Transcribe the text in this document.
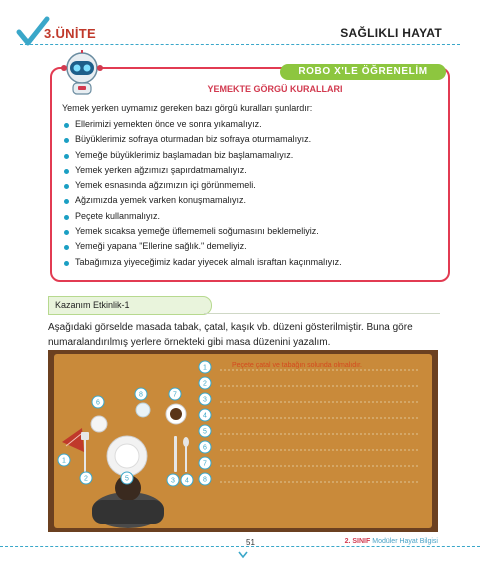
3.ÜNİTE	SAĞLIKLI HAYAT
ROBO X'LE ÖĞRENELİM
YEMEKTE GÖRGÜ KURALLARI
Yemek yerken uymamız gereken bazı görgü kuralları şunlardır:
Ellerimizi yemekten önce ve sonra yıkamalıyız.
Büyüklerimiz sofraya oturmadan biz sofraya oturmamalıyız.
Yemeğe büyüklerimiz başlamadan biz başlamamalıyız.
Yemek yerken ağzımızı şapırdatmamalıyız.
Yemek esnasında ağzımızın içi görünmemeli.
Ağzımızda yemek varken konuşmamalıyız.
Peçete kullanmalıyız.
Yemek sıcaksa yemeğe üflememeli soğumasını beklemeliyiz.
Yemeği yapana "Ellerine sağlık." demeliyiz.
Tabağımıza yiyeceğimiz kadar yiyecek almalı israftan kaçınmalıyız.
Kazanım Etkinlik-1
Aşağıdaki görselde masada tabak, çatal, kaşık vb. düzeni gösterilmiştir. Buna göre numaralandırılmış yerlere örnekteki gibi masa düzenini yazalım.
1
2
3
4
5
6
7
8
6
8	7
1
2	5	3 4
Peçete çatal ve tabağın solunda olmalıdır.
51	2. SINIF Modüler Hayat Bilgisi
